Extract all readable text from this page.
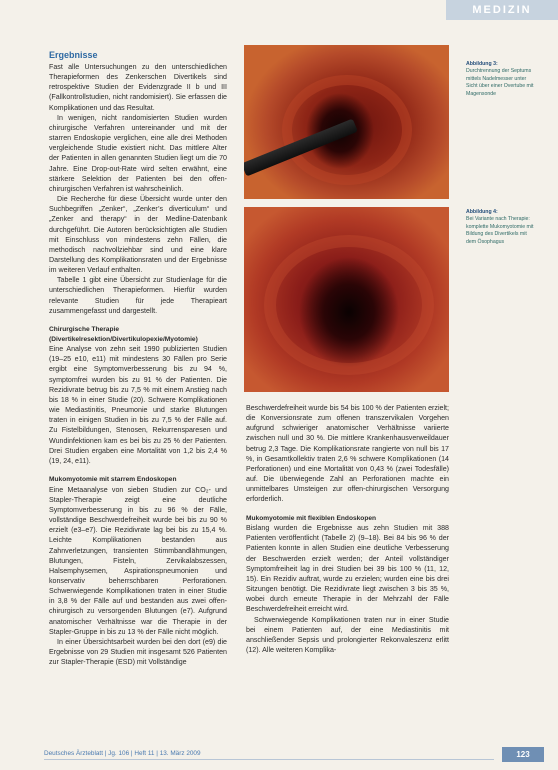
MEDIZIN
Ergebnisse

Fast alle Untersuchungen zu den unterschiedlichen Therapieformen des Zenkerschen Divertikels sind retrospektive Studien der Evidenzgrade II b und III (Fallkontrollstudien, nicht randomisiert). Sie erfassen die Komplikationen und das Resultat.

In wenigen, nicht randomisierten Studien wurden chirurgische Verfahren untereinander und mit der starren Endoskopie verglichen, eine alle drei Methoden vergleichende Studie existiert nicht. Das mittlere Alter der Patienten in allen genannten Studien liegt um die 70 Jahre. Eine Drop-out-Rate wird selten erwähnt, eine stärkere Selektion der Patienten bei den offen-chirurgischen Verfahren ist wahrscheinlich.

Die Recherche für diese Übersicht wurde unter den Suchbegriffen „Zenker“, „Zenker’s diverticulum“ und „Zenker and therapy“ in der Medline-Datenbank durchgeführt. Die Autoren berücksichtigten alle Studien mit Einschluss von mindestens zehn Fällen, die methodisch nachvollziehbar sind und eine klare Darstellung des Komplikationsraten und der Ergebnisse im weiteren Verlauf enthalten.

Tabelle 1 gibt eine Übersicht zur Studienlage für die unterschiedlichen Therapieformen. Hierfür wurden relevante Studien für jede Therapieart zusammengefasst und dargestellt.

Chirurgische Therapie
(Divertikelresektion/Divertikulopexie/Myotomie)

Eine Analyse von zehn seit 1990 publizierten Studien (19–25 e10, e11) mit mindestens 30 Fällen pro Serie ergibt eine Symptomverbesserung bis zu 94 %, symptomfrei wurden bis zu 91 % der Patienten. Die Rezidivrate betrug bis zu 7,5 % mit einem Anstieg nach bis 18 % in einer Studie (20). Schwere Komplikationen wie Mediastinitis, Pneumonie und starke Blutungen traten in einigen Studien in bis zu 7,5 % der Fälle auf. Zu Fistelbildungen, Stenosen, Rekurrensparesen und Wundinfektionen kam es bei bis zu 25 % der Patienten. Drei Studien ergaben eine Mortalität von 1,2 bis 2,4 % (19, 24, e11).

Mukomyotomie mit starrem Endoskopen

Eine Metaanalyse von sieben Studien zur CO₂- und Stapler-Therapie zeigt eine deutliche Symptomverbesserung in bis zu 96 % der Fälle, vollständige Beschwerdefreiheit wurde bei bis zu 90 % erzielt (e3–e7). Die Rezidivrate lag bei bis zu 15,4 %. Leichte Komplikationen bestanden aus Zahnverletzungen, transienten Stimmbandlähmungen, Blutungen, Fisteln, Zervikalabszessen, Halsemphysemen, Aspirationspneumonien und konservativ beherrschbaren Perforationen. Schwerwiegende Komplikationen traten in einer Studie in 3,8 % der Fälle auf und bestanden aus zwei offen-chirurgisch zu versorgenden Blutungen (e7). Aufgrund anatomischer Verhältnisse war die Therapie in der Stapler-Gruppe in bis zu 13 % der Fälle nicht möglich.

In einer Übersichtsarbeit wurden bei den dort (e9) die Ergebnisse von 29 Studien mit insgesamt 526 Patienten zur Stapler-Therapie (ESD) mit Vollständige

Abbildung 3:
Durchtrennung der Septums mittels Nadelmesser unter Sicht über einer Overtube mit Magensonde
Abbildung 4:
Bei Variante nach Therapie: komplette Mukomyotomie mit Bildung des Divertikels mit dem Ösophagus

Beschwerdefreiheit wurde bis 54 bis 100 % der Patienten erzielt; die Konversionsrate zum offenen transzervikalen Vorgehen aufgrund schwieriger anatomischer Verhältnisse variierte zwischen null und 30 %. Die mittlere Krankenhausverweildauer betrug 2,3 Tage. Die Komplikationsrate rangierte von null bis 17 %, in Gesamtkollektiv traten 2,6 % schwere Komplikationen (14 Perforationen) und eine Mortalität von 0,43 % (zwei Todesfälle) auf. Die überwiegende Zahl an Perforationen machte ein unmittelbares Umsteigen zur offen-chirurgischen Versorgung erforderlich.

Mukomyotomie mit flexiblen Endoskopen

Bislang wurden die Ergebnisse aus zehn Studien mit 388 Patienten veröffentlicht (Tabelle 2) (9–18). Bei 84 bis 96 % der Patienten konnte in allen Studien eine deutliche Verbesserung der Beschwerden erzielt werden; der Anteil vollständiger Symptomfreiheit lag in drei Studien bei 39 bis 100 % (11, 12, 15). Ein Rezidiv auftrat, wurde zu erzielen; wurden eine bis drei Sitzungen benötigt. Die Rezidivrate liegt zwischen 3 bis 35 %, wobei durch erneute Therapie in der Mehrzahl der Fälle Beschwerdefreiheit erreicht wird.

Schwerwiegende Komplikationen traten nur in einer Studie bei einem Patienten auf, der eine Mediastinitis mit anschließender Sepsis und prolongierter Rekonvaleszenz erlitt (12). Alle weiteren Komplika-

Deutsches Ärzteblatt | Jg. 106 | Heft 11 | 13. März 2009	123
